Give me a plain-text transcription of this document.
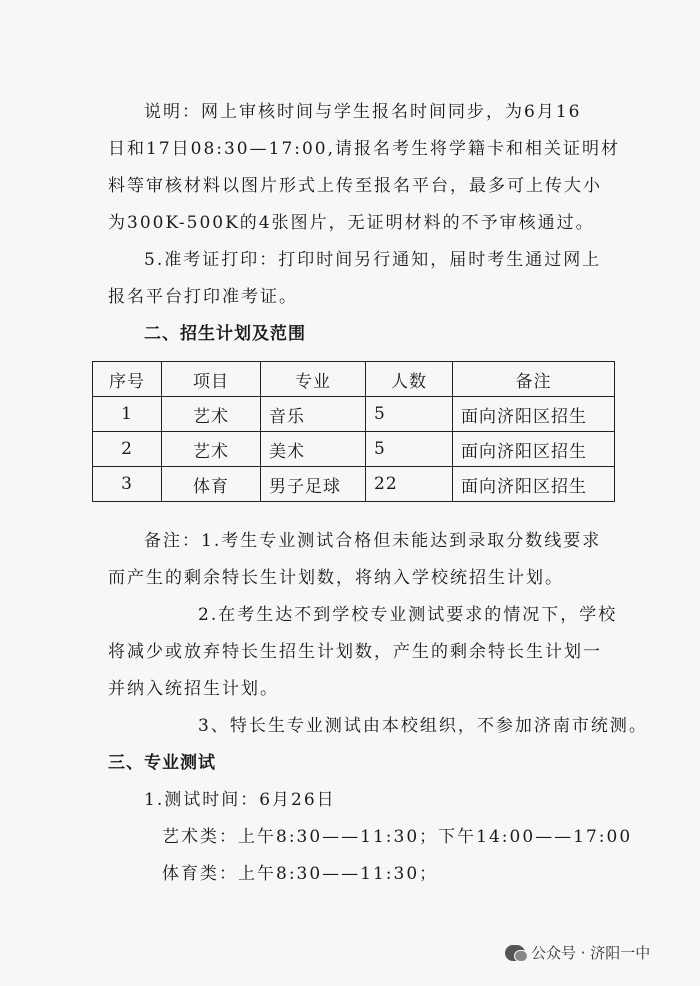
说明：网上审核时间与学生报名时间同步，为6月16
日和17日08:30—17:00,请报名考生将学籍卡和相关证明材
料等审核材料以图片形式上传至报名平台，最多可上传大小
为300K-500K的4张图片，无证明材料的不予审核通过。
5.准考证打印：打印时间另行通知，届时考生通过网上
报名平台打印准考证。
二、招生计划及范围
序号	项目	专业	人数	备注
1	艺术	音乐	5	面向济阳区招生
2	艺术	美术	5	面向济阳区招生
3	体育	男子足球	22	面向济阳区招生
备注：1.考生专业测试合格但未能达到录取分数线要求
而产生的剩余特长生计划数，将纳入学校统招生计划。
2.在考生达不到学校专业测试要求的情况下，学校
将减少或放弃特长生招生计划数，产生的剩余特长生计划一
并纳入统招生计划。
3、特长生专业测试由本校组织，不参加济南市统测。
三、专业测试
1.测试时间：6月26日
艺术类：上午8:30——11:30；下午14:00——17:00
体育类：上午8:30——11:30；
公众号 · 济阳一中
